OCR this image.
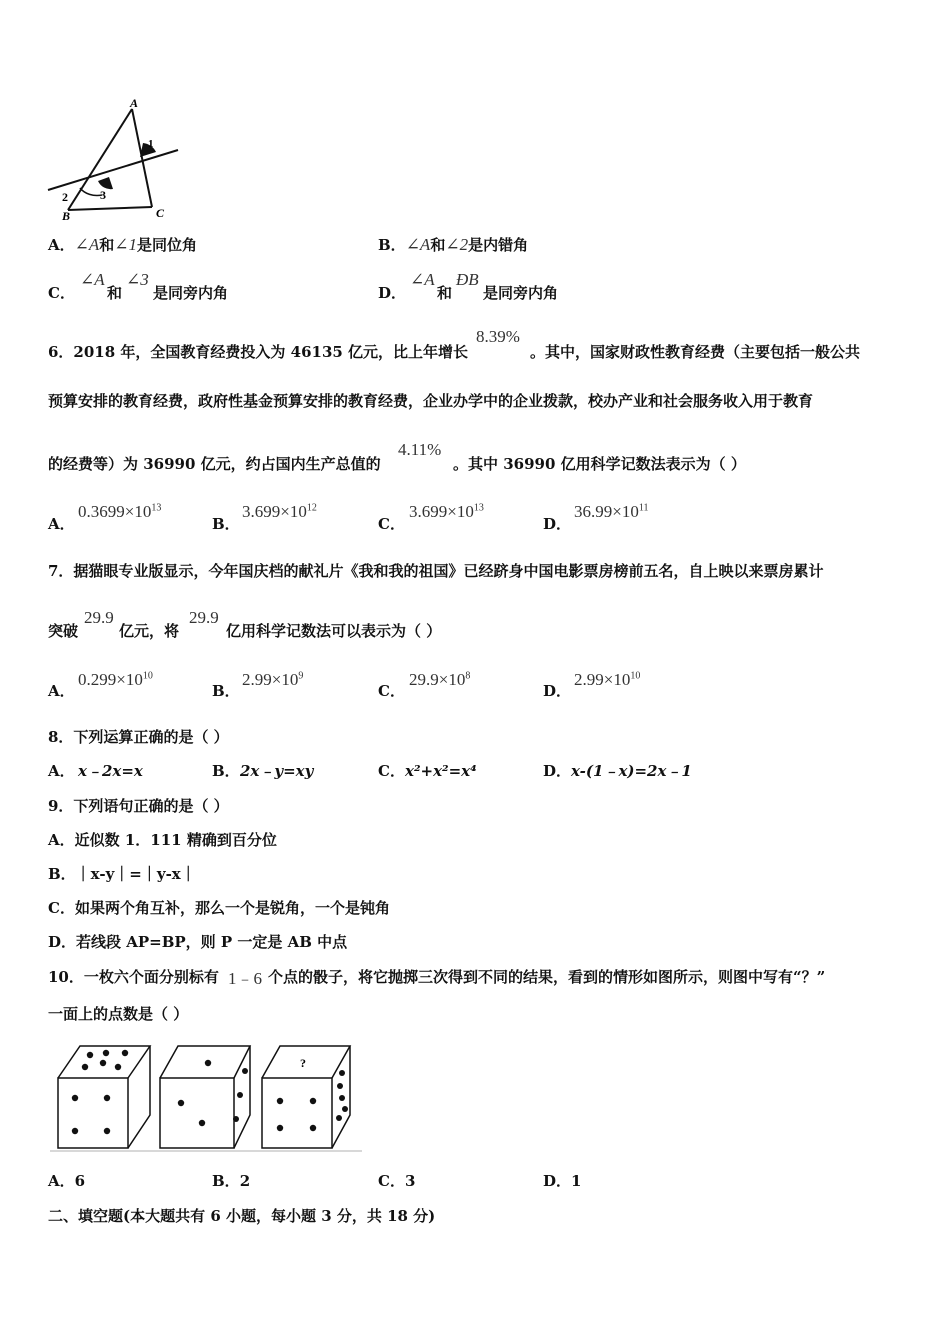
A
1
2	3
B	C
A．∠A和∠1是同位角	B．∠A和∠2是内错角
C．
∠A
和
∠3
是同旁内角	D．
∠A
和
ÐB
是同旁内角
6．2018 年，全国教育经费投入为 46135 亿元，比上年增长
8.39%
。其中，国家财政性教育经费（主要包括一般公共
预算安排的教育经费，政府性基金预算安排的教育经费，企业办学中的企业拨款，校办产业和社会服务收入用于教育
的经费等）为 36990 亿元，约占国内生产总值的
4.11%
。其中 36990 亿用科学记数法表示为（ ）
A．
$0.3699\times 10^{13}$
B．
$3.699\times 10^{12}$
C．
$3.699\times 10^{13}$
D．
$36.99\times 10^{11}$
7．据猫眼专业版显示，今年国庆档的献礼片《我和我的祖国》已经跻身中国电影票房榜前五名，自上映以来票房累计
突破
29.9
亿元，将
29.9
亿用科学记数法可以表示为（ ）
A．
$0.299\times 10^{10}$
B．
$2.99\times 10^9$
C．
$29.9\times 10^8$
D．
$2.99\times 10^{10}$
8．下列运算正确的是（ ）
A． x﹣2x=x	B． 2x﹣y=xy	C． x²+x²=x⁴	D． x-(1﹣x)=2x﹣1
9．下列语句正确的是（ ）
A．近似数 1．111 精确到百分位
B．｜x-y｜=｜y-x｜
C．如果两个角互补，那么一个是锐角，一个是钝角
D．若线段 AP=BP，则 P 一定是 AB 中点
10．一枚六个面分别标有 1﹣6 个点的骰子，将它抛掷三次得到不同的结果，看到的情形如图所示，则图中写有“？”
一面上的点数是（ ）
?
A．6	B．2	C．3	D．1
二、填空题(本大题共有 6 小题，每小题 3 分，共 18 分)
